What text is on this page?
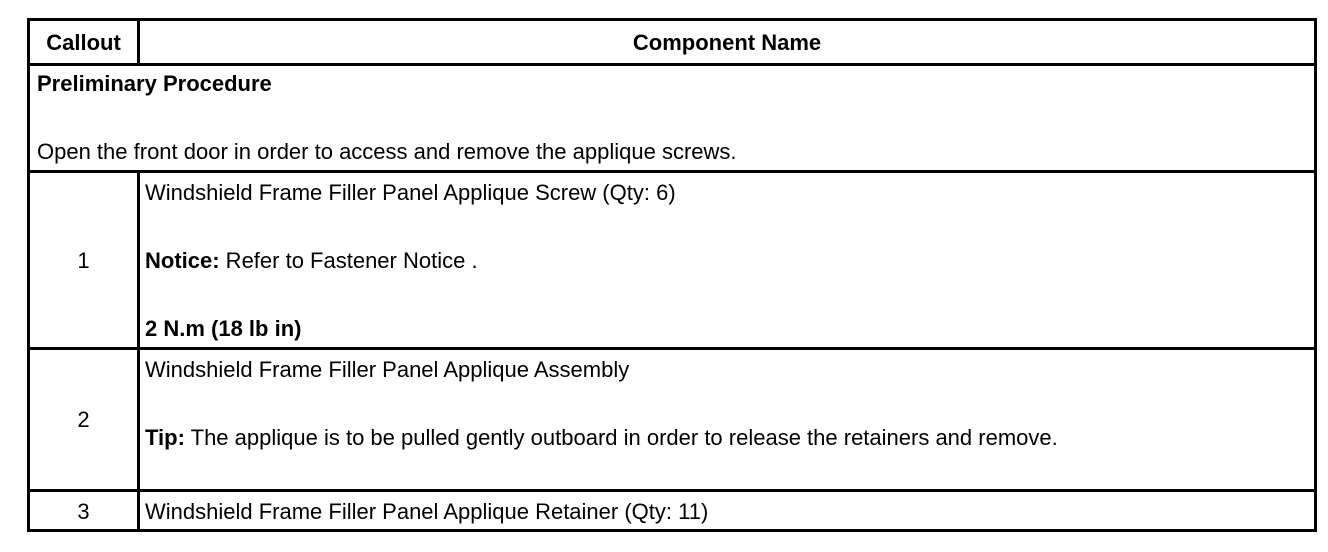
Callout	Component Name
Preliminary Procedure
Open the front door in order to access and remove the applique screws.
1
Windshield Frame Filler Panel Applique Screw (Qty: 6)
Notice: Refer to Fastener Notice .
2 N.m (18 lb in)
2
Windshield Frame Filler Panel Applique Assembly
Tip: The applique is to be pulled gently outboard in order to release the retainers and remove.
3	Windshield Frame Filler Panel Applique Retainer (Qty: 11)
